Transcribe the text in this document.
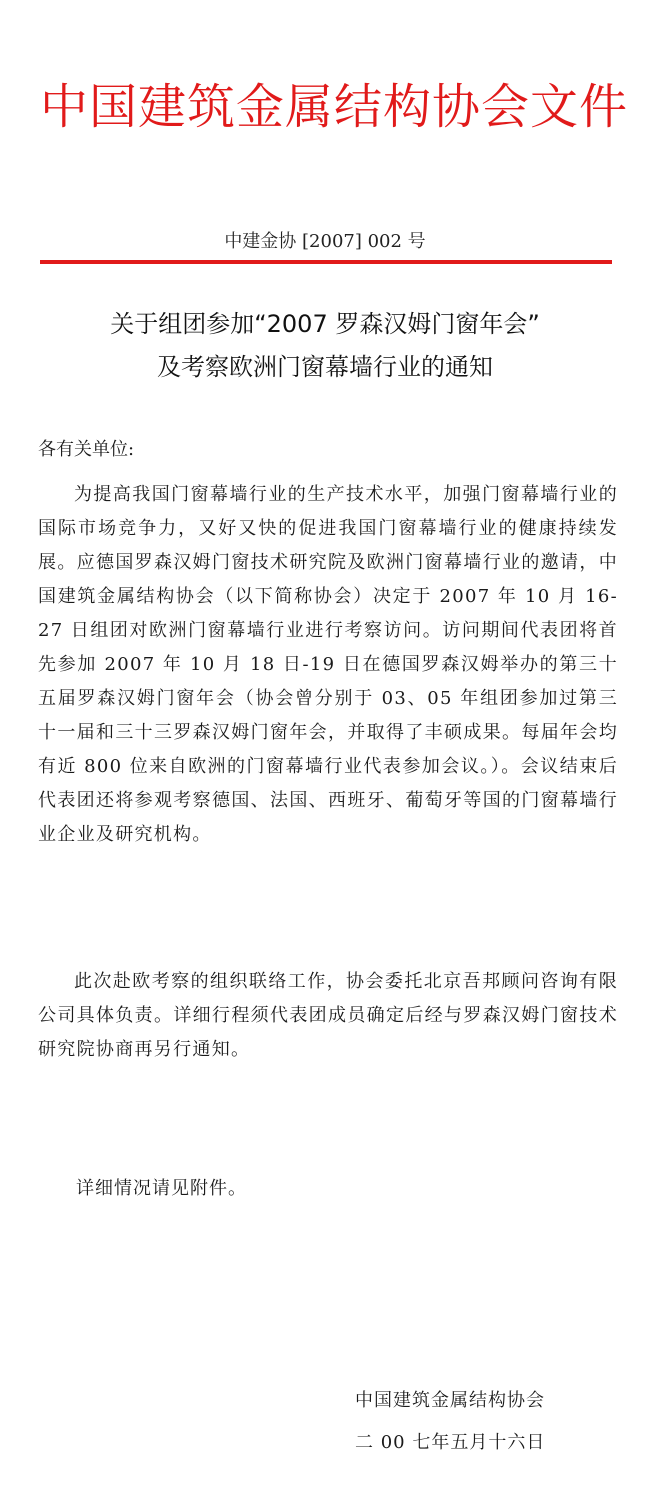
中国建筑金属结构协会文件
中建金协 [2007] 002 号
关于组团参加“2007 罗森汉姆门窗年会”
及考察欧洲门窗幕墙行业的通知
各有关单位:
为提高我国门窗幕墙行业的生产技术水平，加强门窗幕墙行业的国际市场竞争力，又好又快的促进我国门窗幕墙行业的健康持续发展。应德国罗森汉姆门窗技术研究院及欧洲门窗幕墙行业的邀请，中国建筑金属结构协会（以下简称协会）决定于 2007 年 10 月 16-27 日组团对欧洲门窗幕墙行业进行考察访问。访问期间代表团将首先参加 2007 年 10 月 18 日-19 日在德国罗森汉姆举办的第三十五届罗森汉姆门窗年会（协会曾分别于 03、05 年组团参加过第三十一届和三十三罗森汉姆门窗年会，并取得了丰硕成果。每届年会均有近 800 位来自欧洲的门窗幕墙行业代表参加会议。）。会议结束后代表团还将参观考察德国、法国、西班牙、葡萄牙等国的门窗幕墙行业企业及研究机构。
此次赴欧考察的组织联络工作，协会委托北京吾邦顾问咨询有限公司具体负责。详细行程须代表团成员确定后经与罗森汉姆门窗技术研究院协商再另行通知。
详细情况请见附件。
中国建筑金属结构协会
二 00 七年五月十六日
